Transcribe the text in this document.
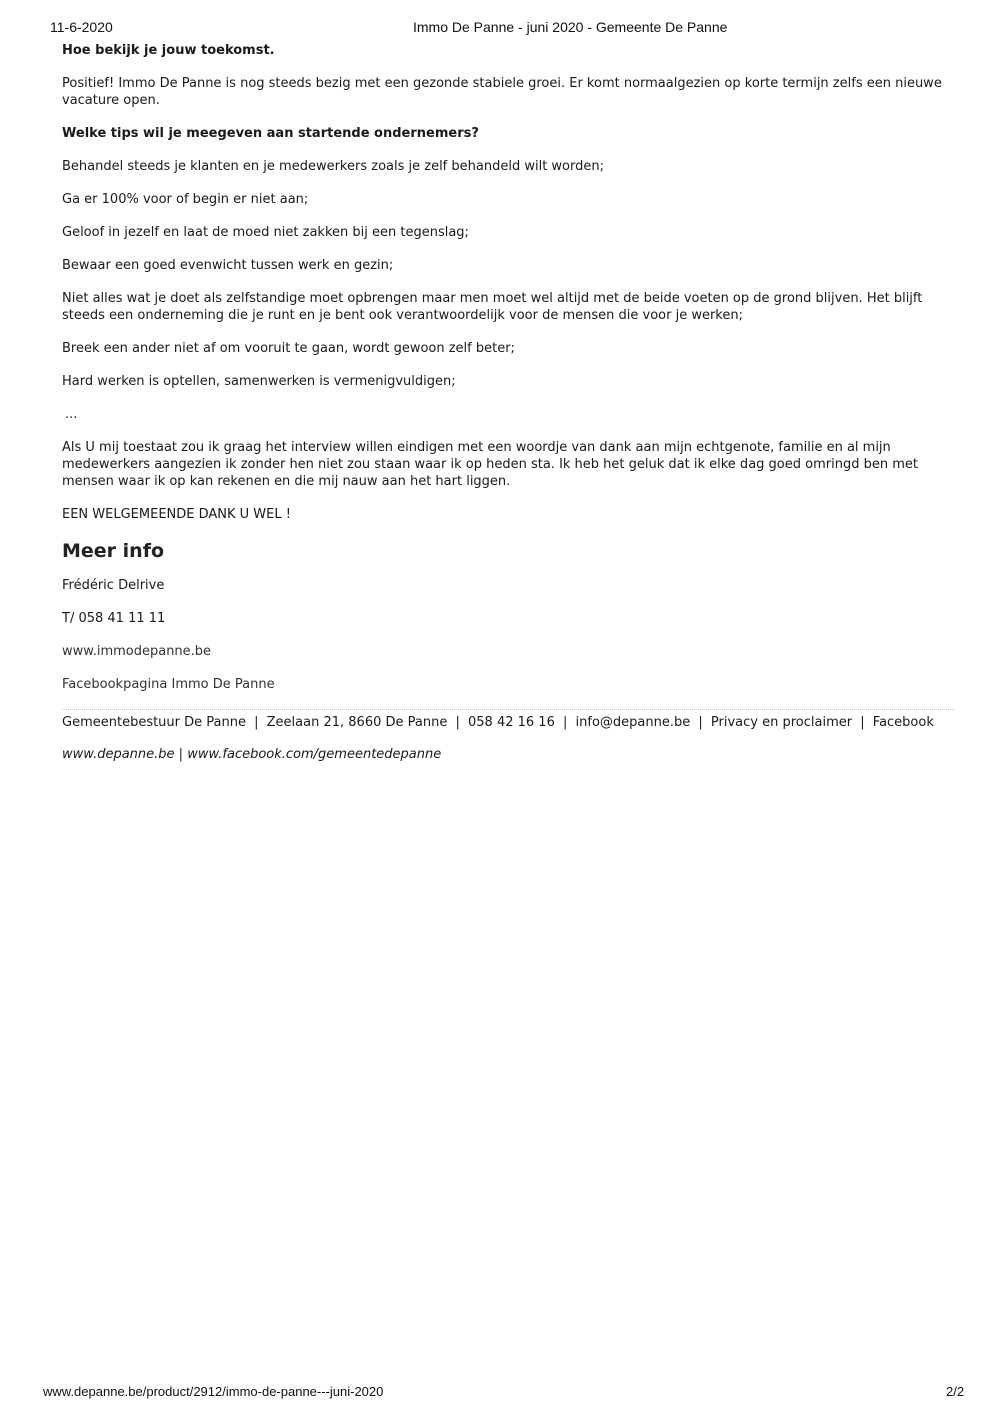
11-6-2020	Immo De Panne - juni 2020 - Gemeente De Panne

Hoe bekijk je jouw toekomst.

Positief! Immo De Panne is nog steeds bezig met een gezonde stabiele groei. Er komt normaalgezien op korte termijn zelfs een nieuwe vacature open.

Welke tips wil je meegeven aan startende ondernemers?

Behandel steeds je klanten en je medewerkers zoals je zelf behandeld wilt worden;

Ga er 100% voor of begin er niet aan;

Geloof in jezelf en laat de moed niet zakken bij een tegenslag;

Bewaar een goed evenwicht tussen werk en gezin;

Niet alles wat je doet als zelfstandige moet opbrengen maar men moet wel altijd met de beide voeten op de grond blijven. Het blijft steeds een onderneming die je runt en je bent ook verantwoordelijk voor de mensen die voor je werken;

Breek een ander niet af om vooruit te gaan, wordt gewoon zelf beter;

Hard werken is optellen, samenwerken is vermenigvuldigen;

...

Als U mij toestaat zou ik graag het interview willen eindigen met een woordje van dank aan mijn echtgenote, familie en al mijn medewerkers aangezien ik zonder hen niet zou staan waar ik op heden sta. Ik heb het geluk dat ik elke dag goed omringd ben met mensen waar ik op kan rekenen en die mij nauw aan het hart liggen.

EEN WELGEMEENDE DANK U WEL !

Meer info

Frédéric Delrive

T/ 058 41 11 11

www.immodepanne.be

Facebookpagina Immo De Panne

Gemeentebestuur De Panne | Zeelaan 21, 8660 De Panne | 058 42 16 16 | info@depanne.be | Privacy en proclaimer | Facebook

www.depanne.be | www.facebook.com/gemeentedepanne

www.depanne.be/product/2912/immo-de-panne---juni-2020	2/2
